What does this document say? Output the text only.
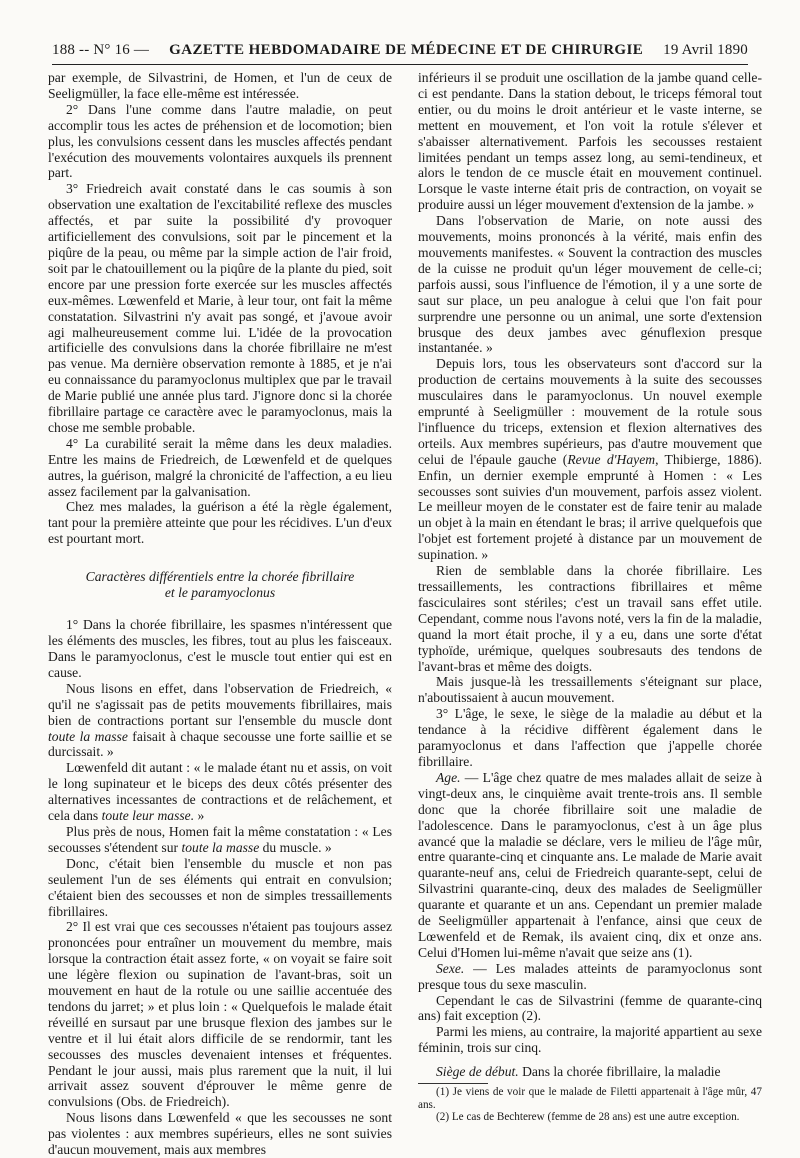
188 -- N° 16 — GAZETTE HEBDOMADAIRE DE MÉDECINE ET DE CHIRURGIE 19 Avril 1890

par exemple, de Silvastrini, de Homen, et l'un de ceux de Seeligmüller, la face elle-même est intéressée.

2° Dans l'une comme dans l'autre maladie, on peut accomplir tous les actes de préhension et de locomotion; bien plus, les convulsions cessent dans les muscles affectés pendant l'exécution des mouvements volontaires auxquels ils prennent part.

3° Friedreich avait constaté dans le cas soumis à son observation une exaltation de l'excitabilité reflexe des muscles affectés, et par suite la possibilité d'y provoquer artificiellement des convulsions, soit par le pincement et la piqûre de la peau, ou même par la simple action de l'air froid, soit par le chatouillement ou la piqûre de la plante du pied, soit encore par une pression forte exercée sur les muscles affectés eux-mêmes. Lœwenfeld et Marie, à leur tour, ont fait la même constatation. Silvastrini n'y avait pas songé, et j'avoue avoir agi malheureusement comme lui. L'idée de la provocation artificielle des convulsions dans la chorée fibrillaire ne m'est pas venue. Ma dernière observation remonte à 1885, et je n'ai eu connaissance du paramyoclonus multiplex que par le travail de Marie publié une année plus tard. J'ignore donc si la chorée fibrillaire partage ce caractère avec le paramyoclonus, mais la chose me semble probable.

4° La curabilité serait la même dans les deux maladies. Entre les mains de Friedreich, de Lœwenfeld et de quelques autres, la guérison, malgré la chronicité de l'affection, a eu lieu assez facilement par la galvanisation.

Chez mes malades, la guérison a été la règle également, tant pour la première atteinte que pour les récidives. L'un d'eux est pourtant mort.

Caractères différentiels entre la chorée fibrillaire
et le paramyoclonus

1° Dans la chorée fibrillaire, les spasmes n'intéressent que les éléments des muscles, les fibres, tout au plus les faisceaux. Dans le paramyoclonus, c'est le muscle tout entier qui est en cause.

Nous lisons en effet, dans l'observation de Friedreich, « qu'il ne s'agissait pas de petits mouvements fibrillaires, mais bien de contractions portant sur l'ensemble du muscle dont toute la masse faisait à chaque secousse une forte saillie et se durcissait. »

Lœwenfeld dit autant : « le malade étant nu et assis, on voit le long supinateur et le biceps des deux côtés présenter des alternatives incessantes de contractions et de relâchement, et cela dans toute leur masse. »

Plus près de nous, Homen fait la même constatation : « Les secousses s'étendent sur toute la masse du muscle. »

Donc, c'était bien l'ensemble du muscle et non pas seulement l'un de ses éléments qui entrait en convulsion; c'étaient bien des secousses et non de simples tressaillements fibrillaires.

2° Il est vrai que ces secousses n'étaient pas toujours assez prononcées pour entraîner un mouvement du membre, mais lorsque la contraction était assez forte, « on voyait se faire soit une légère flexion ou supination de l'avant-bras, soit un mouvement en haut de la rotule ou une saillie accentuée des tendons du jarret; » et plus loin : « Quelquefois le malade était réveillé en sursaut par une brusque flexion des jambes sur le ventre et il lui était alors difficile de se rendormir, tant les secousses des muscles devenaient intenses et fréquentes. Pendant le jour aussi, mais plus rarement que la nuit, il lui arrivait assez souvent d'éprouver le même genre de convulsions (Obs. de Friedreich).

Nous lisons dans Lœwenfeld « que les secousses ne sont pas violentes : aux membres supérieurs, elles ne sont suivies d'aucun mouvement, mais aux membres

inférieurs il se produit une oscillation de la jambe quand celle-ci est pendante. Dans la station debout, le triceps fémoral tout entier, ou du moins le droit antérieur et le vaste interne, se mettent en mouvement, et l'on voit la rotule s'élever et s'abaisser alternativement. Parfois les secousses restaient limitées pendant un temps assez long, au semi-tendineux, et alors le tendon de ce muscle était en mouvement continuel. Lorsque le vaste interne était pris de contraction, on voyait se produire aussi un léger mouvement d'extension de la jambe. »

Dans l'observation de Marie, on note aussi des mouvements, moins prononcés à la vérité, mais enfin des mouvements manifestes. « Souvent la contraction des muscles de la cuisse ne produit qu'un léger mouvement de celle-ci; parfois aussi, sous l'influence de l'émotion, il y a une sorte de saut sur place, un peu analogue à celui que l'on fait pour surprendre une personne ou un animal, une sorte d'extension brusque des deux jambes avec génuflexion presque instantanée. »

Depuis lors, tous les observateurs sont d'accord sur la production de certains mouvements à la suite des secousses musculaires dans le paramyoclonus. Un nouvel exemple emprunté à Seeligmüller : mouvement de la rotule sous l'influence du triceps, extension et flexion alternatives des orteils. Aux membres supérieurs, pas d'autre mouvement que celui de l'épaule gauche (Revue d'Hayem, Thibierge, 1886). Enfin, un dernier exemple emprunté à Homen : « Les secousses sont suivies d'un mouvement, parfois assez violent. Le meilleur moyen de le constater est de faire tenir au malade un objet à la main en étendant le bras; il arrive quelquefois que l'objet est fortement projeté à distance par un mouvement de supination. »

Rien de semblable dans la chorée fibrillaire. Les tressaillements, les contractions fibrillaires et même fasciculaires sont stériles; c'est un travail sans effet utile. Cependant, comme nous l'avons noté, vers la fin de la maladie, quand la mort était proche, il y a eu, dans une sorte d'état typhoïde, urémique, quelques soubresauts des tendons de l'avant-bras et même des doigts.

Mais jusque-là les tressaillements s'éteignant sur place, n'aboutissaient à aucun mouvement.

3° L'âge, le sexe, le siège de la maladie au début et la tendance à la récidive diffèrent également dans le paramyoclonus et dans l'affection que j'appelle chorée fibrillaire.

Age. — L'âge chez quatre de mes malades allait de seize à vingt-deux ans, le cinquième avait trente-trois ans. Il semble donc que la chorée fibrillaire soit une maladie de l'adolescence. Dans le paramyoclonus, c'est à un âge plus avancé que la maladie se déclare, vers le milieu de l'âge mûr, entre quarante-cinq et cinquante ans. Le malade de Marie avait quarante-neuf ans, celui de Friedreich quarante-sept, celui de Silvastrini quarante-cinq, deux des malades de Seeligmüller quarante et quarante et un ans. Cependant un premier malade de Seeligmüller appartenait à l'enfance, ainsi que ceux de Lœwenfeld et de Remak, ils avaient cinq, dix et onze ans. Celui d'Homen lui-même n'avait que seize ans (1).

Sexe. — Les malades atteints de paramyoclonus sont presque tous du sexe masculin.

Cependant le cas de Silvastrini (femme de quarante-cinq ans) fait exception (2).

Parmi les miens, au contraire, la majorité appartient au sexe féminin, trois sur cinq.

Siège de début. Dans la chorée fibrillaire, la maladie

(1) Je viens de voir que le malade de Filetti appartenait à l'âge mûr, 47 ans.

(2) Le cas de Bechterew (femme de 28 ans) est une autre exception.
